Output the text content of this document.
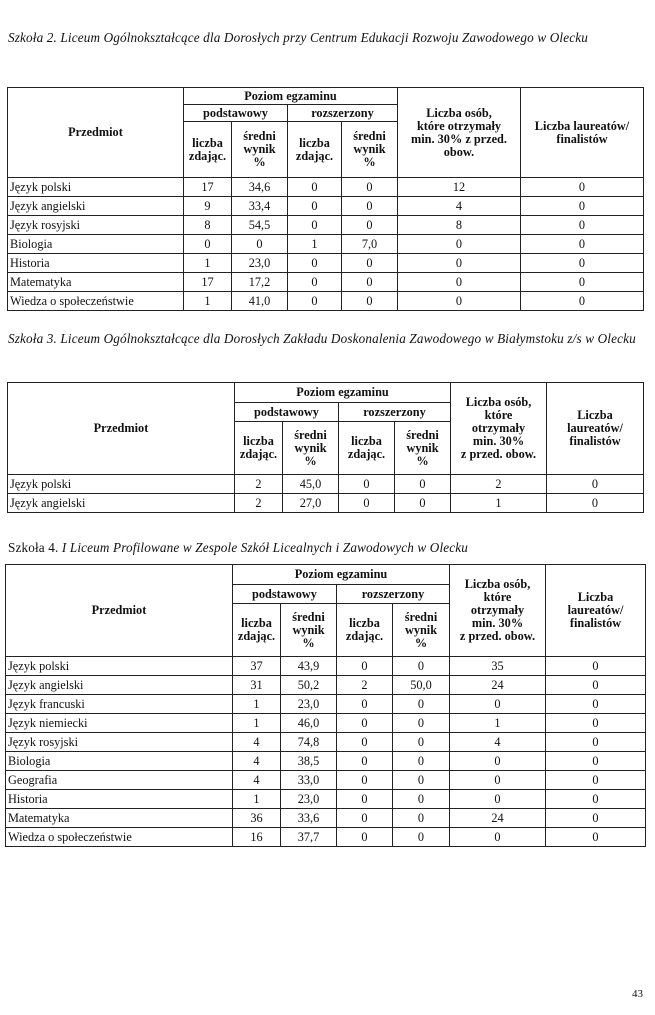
Szkoła 2. Liceum Ogólnokształcące dla Dorosłych przy Centrum Edukacji Rozwoju Zawodowego w Olecku

Przedmiot	Poziom egzaminu				Liczba osób,
które otrzymały
min. 30% z przed.
obow.	Liczba laureatów/
finalistów

	podstawowy		rozszerzony			

	liczba
zdając.	średni
wynik
%	liczba
zdając.	średni
wynik
%		

Język polski	17	34,6	0	0	12	0
Język angielski	9	33,4	0	0	4	0
Język rosyjski	8	54,5	0	0	8	0
Biologia	0	0	1	7,0	0	0
Historia	1	23,0	0	0	0	0
Matematyka	17	17,2	0	0	0	0
Wiedza o społeczeństwie	1	41,0	0	0	0	0

Szkoła 3. Liceum Ogólnokształcące dla Dorosłych Zakładu Doskonalenia Zawodowego w Białymstoku z/s w Olecku

Przedmiot	Poziom egzaminu				Liczba osób,
które
otrzymały
min. 30%
z przed. obow.	Liczba
laureatów/
finalistów

	podstawowy		rozszerzony			

	liczba
zdając.	średni
wynik
%	liczba
zdając.	średni
wynik
%		

Język polski	2	45,0	0	0	2	0
Język angielski	2	27,0	0	0	1	0

Szkoła 4. I Liceum Profilowane w Zespole Szkół Licealnych i Zawodowych w Olecku

Przedmiot	Poziom egzaminu				Liczba osób,
które
otrzymały
min. 30%
z przed. obow.	Liczba
laureatów/
finalistów

	podstawowy		rozszerzony			

	liczba
zdając.	średni
wynik
%	liczba
zdając.	średni
wynik
%		

Język polski	37	43,9	0	0	35	0
Język angielski	31	50,2	2	50,0	24	0
Język francuski	1	23,0	0	0	0	0
Język niemiecki	1	46,0	0	0	1	0
Język rosyjski	4	74,8	0	0	4	0
Biologia	4	38,5	0	0	0	0
Geografia	4	33,0	0	0	0	0
Historia	1	23,0	0	0	0	0
Matematyka	36	33,6	0	0	24	0
Wiedza o społeczeństwie	16	37,7	0	0	0	0
43
